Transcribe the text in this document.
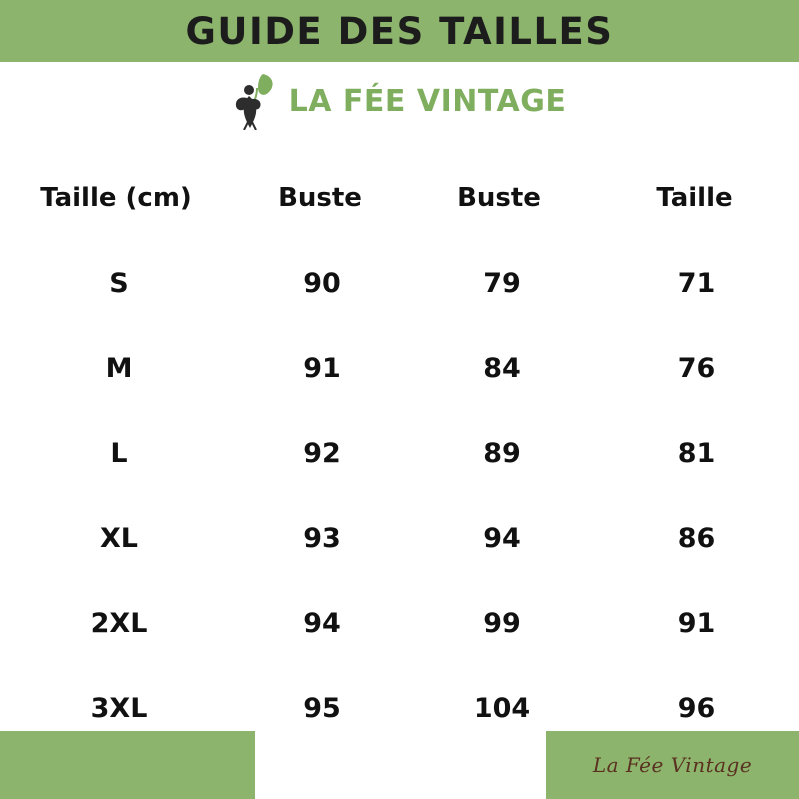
GUIDE DES TAILLES
LA FÉE VINTAGE
Taille (cm)	Buste	Buste	Taille
S	90	79	71
M	91	84	76
L	92	89	81
XL	93	94	86
2XL	94	99	91
3XL	95	104	96
La Fée Vintage
